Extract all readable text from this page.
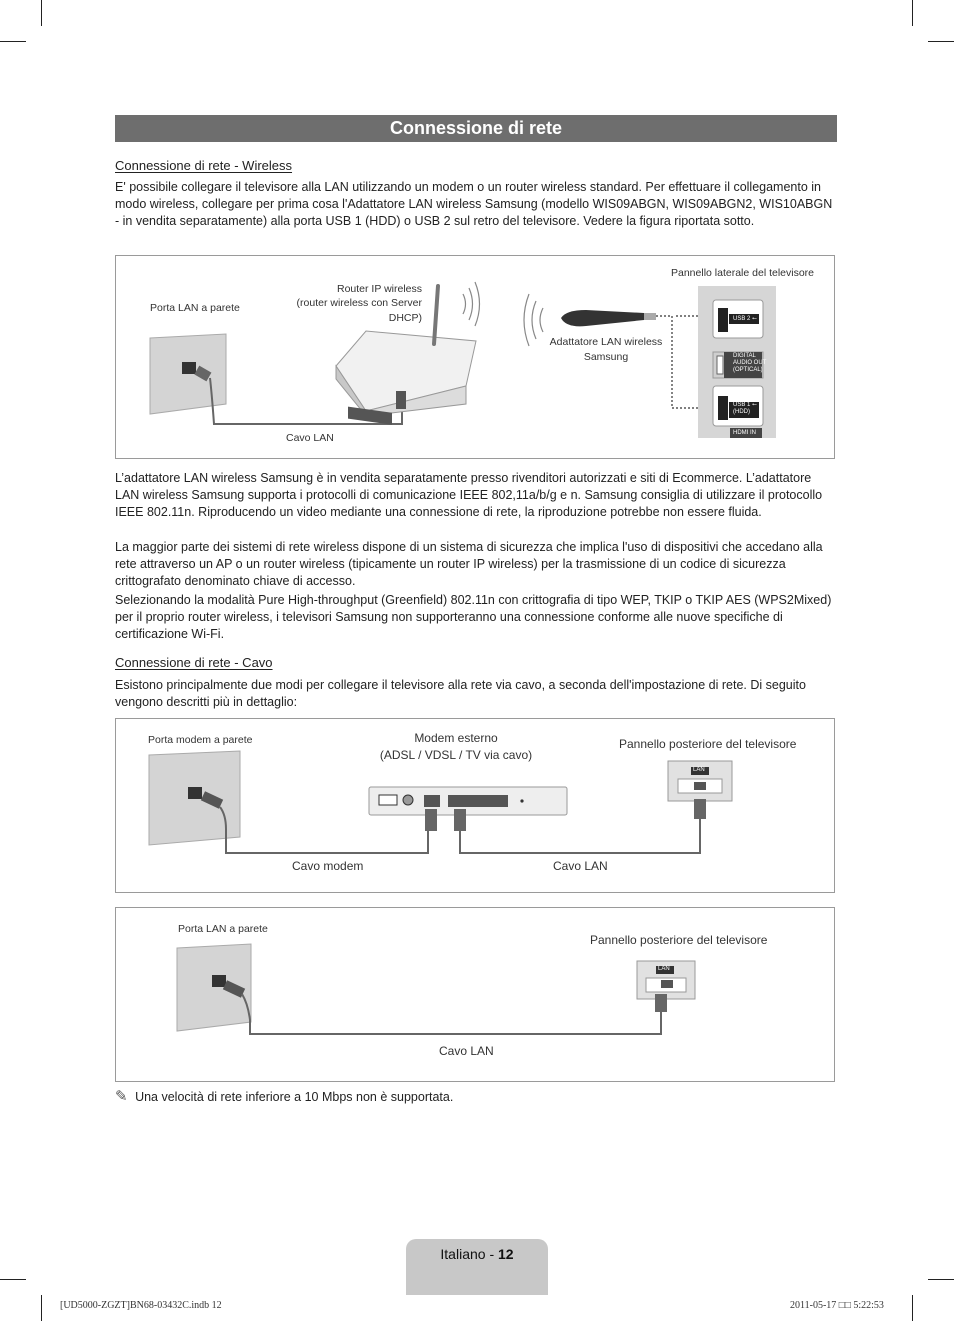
Connessione di rete
Connessione di rete - Wireless

E' possibile collegare il televisore alla LAN utilizzando un modem o un router wireless standard. Per effettuare il collegamento in modo wireless, collegare per prima cosa l'Adattatore LAN wireless Samsung (modello WIS09ABGN, WIS09ABGN2, WIS10ABGN - in vendita separatamente) alla porta USB 1 (HDD) o USB 2 sul retro del televisore. Vedere la figura riportata sotto.

Porta LAN a parete
Router IP wireless
(router wireless con Server
DHCP)
Pannello laterale del televisore
Adattatore LAN wireless
Samsung
Cavo LAN
USB 2 ⭠
DIGITAL
AUDIO OUT
(OPTICAL)
USB 1 ⭠
(HDD)
HDMI IN

L’adattatore LAN wireless Samsung è in vendita separatamente presso rivenditori autorizzati e siti di Ecommerce. L’adattatore LAN wireless Samsung supporta i protocolli di comunicazione IEEE 802,11a/b/g e n. Samsung consiglia di utilizzare il protocollo IEEE 802.11n. Riproducendo un video mediante una connessione di rete, la riproduzione potrebbe non essere fluida.

La maggior parte dei sistemi di rete wireless dispone di un sistema di sicurezza che implica l'uso di dispositivi che accedano alla rete attraverso un AP o un router wireless (tipicamente un router IP wireless) per la trasmissione di un codice di sicurezza crittografato denominato chiave di accesso.

Selezionando la modalità Pure High-throughput (Greenfield) 802.11n con crittografia di tipo WEP, TKIP o TKIP AES (WPS2Mixed) per il proprio router wireless, i televisori Samsung non supporteranno una connessione conforme alle nuove specifiche di certificazione Wi-Fi.

Connessione di rete - Cavo

Esistono principalmente due modi per collegare il televisore alla rete via cavo, a seconda dell'impostazione di rete. Di seguito vengono descritti più in dettaglio:

Porta modem a parete	Modem esterno
(ADSL / VDSL / TV via cavo)
Pannello posteriore del televisore
Cavo modem	Cavo LAN
LAN
Porta LAN a parete
Pannello posteriore del televisore
Cavo LAN
LAN
✎ Una velocità di rete inferiore a 10 Mbps non è supportata.
Italiano - 12
[UD5000-ZGZT]BN68-03432C.indb 12	2011-05-17 □□ 5:22:53
